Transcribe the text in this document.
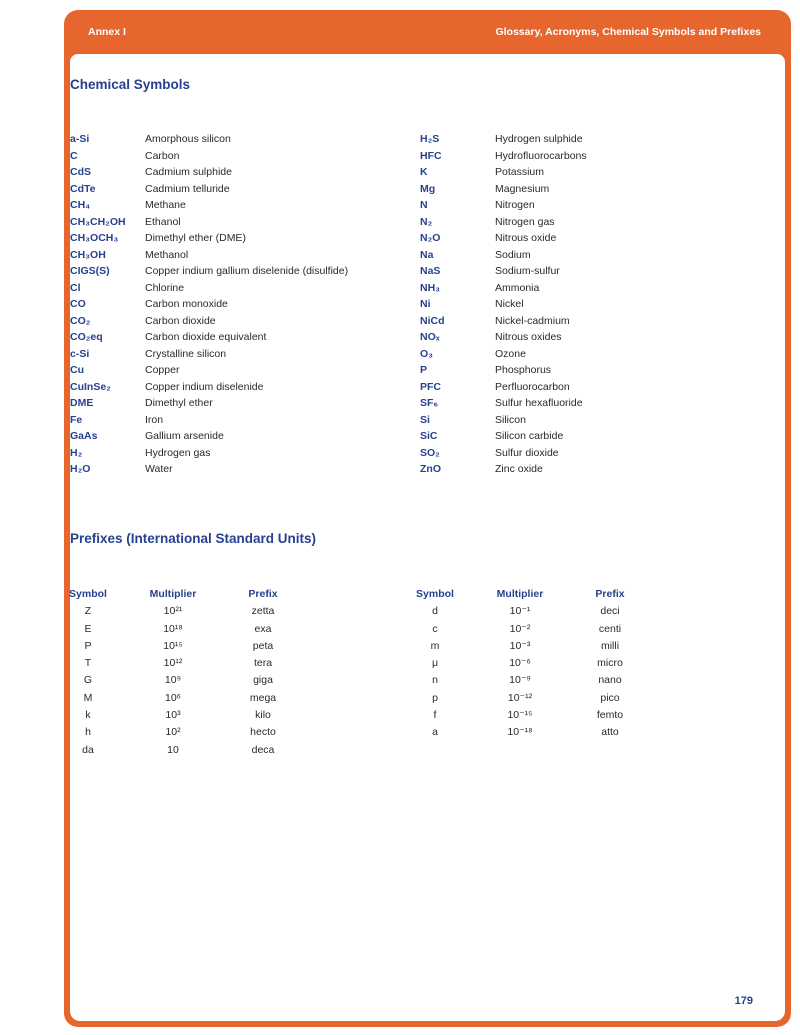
Annex I	Glossary, Acronyms, Chemical Symbols and Prefixes
Chemical Symbols
a-Si	Amorphous silicon
C	Carbon
CdS	Cadmium sulphide
CdTe	Cadmium telluride
CH₄	Methane
CH₃CH₂OH	Ethanol
CH₃OCH₃	Dimethyl ether (DME)
CH₃OH	Methanol
CIGS(S)	Copper indium gallium diselenide (disulfide)
Cl	Chlorine
CO	Carbon monoxide
CO₂	Carbon dioxide
CO₂eq	Carbon dioxide equivalent
c-Si	Crystalline silicon
Cu	Copper
CuInSe₂	Copper indium diselenide
DME	Dimethyl ether
Fe	Iron
GaAs	Gallium arsenide
H₂	Hydrogen gas
H₂O	Water
H₂S	Hydrogen sulphide
HFC	Hydrofluorocarbons
K	Potassium
Mg	Magnesium
N	Nitrogen
N₂	Nitrogen gas
N₂O	Nitrous oxide
Na	Sodium
NaS	Sodium-sulfur
NH₃	Ammonia
Ni	Nickel
NiCd	Nickel-cadmium
NOₓ	Nitrous oxides
O₃	Ozone
P	Phosphorus
PFC	Perfluorocarbon
SF₆	Sulfur hexafluoride
Si	Silicon
SiC	Silicon carbide
SO₂	Sulfur dioxide
ZnO	Zinc oxide
Prefixes (International Standard Units)
Symbol	Multiplier	Prefix
Z	10²¹	zetta
E	10¹⁸	exa
P	10¹⁵	peta
T	10¹²	tera
G	10⁹	giga
M	10⁶	mega
k	10³	kilo
h	10²	hecto
da	10	deca
Symbol	Multiplier	Prefix
d	10⁻¹	deci
c	10⁻²	centi
m	10⁻³	milli
μ	10⁻⁶	micro
n	10⁻⁹	nano
p	10⁻¹²	pico
f	10⁻¹⁵	femto
a	10⁻¹⁸	atto
179
